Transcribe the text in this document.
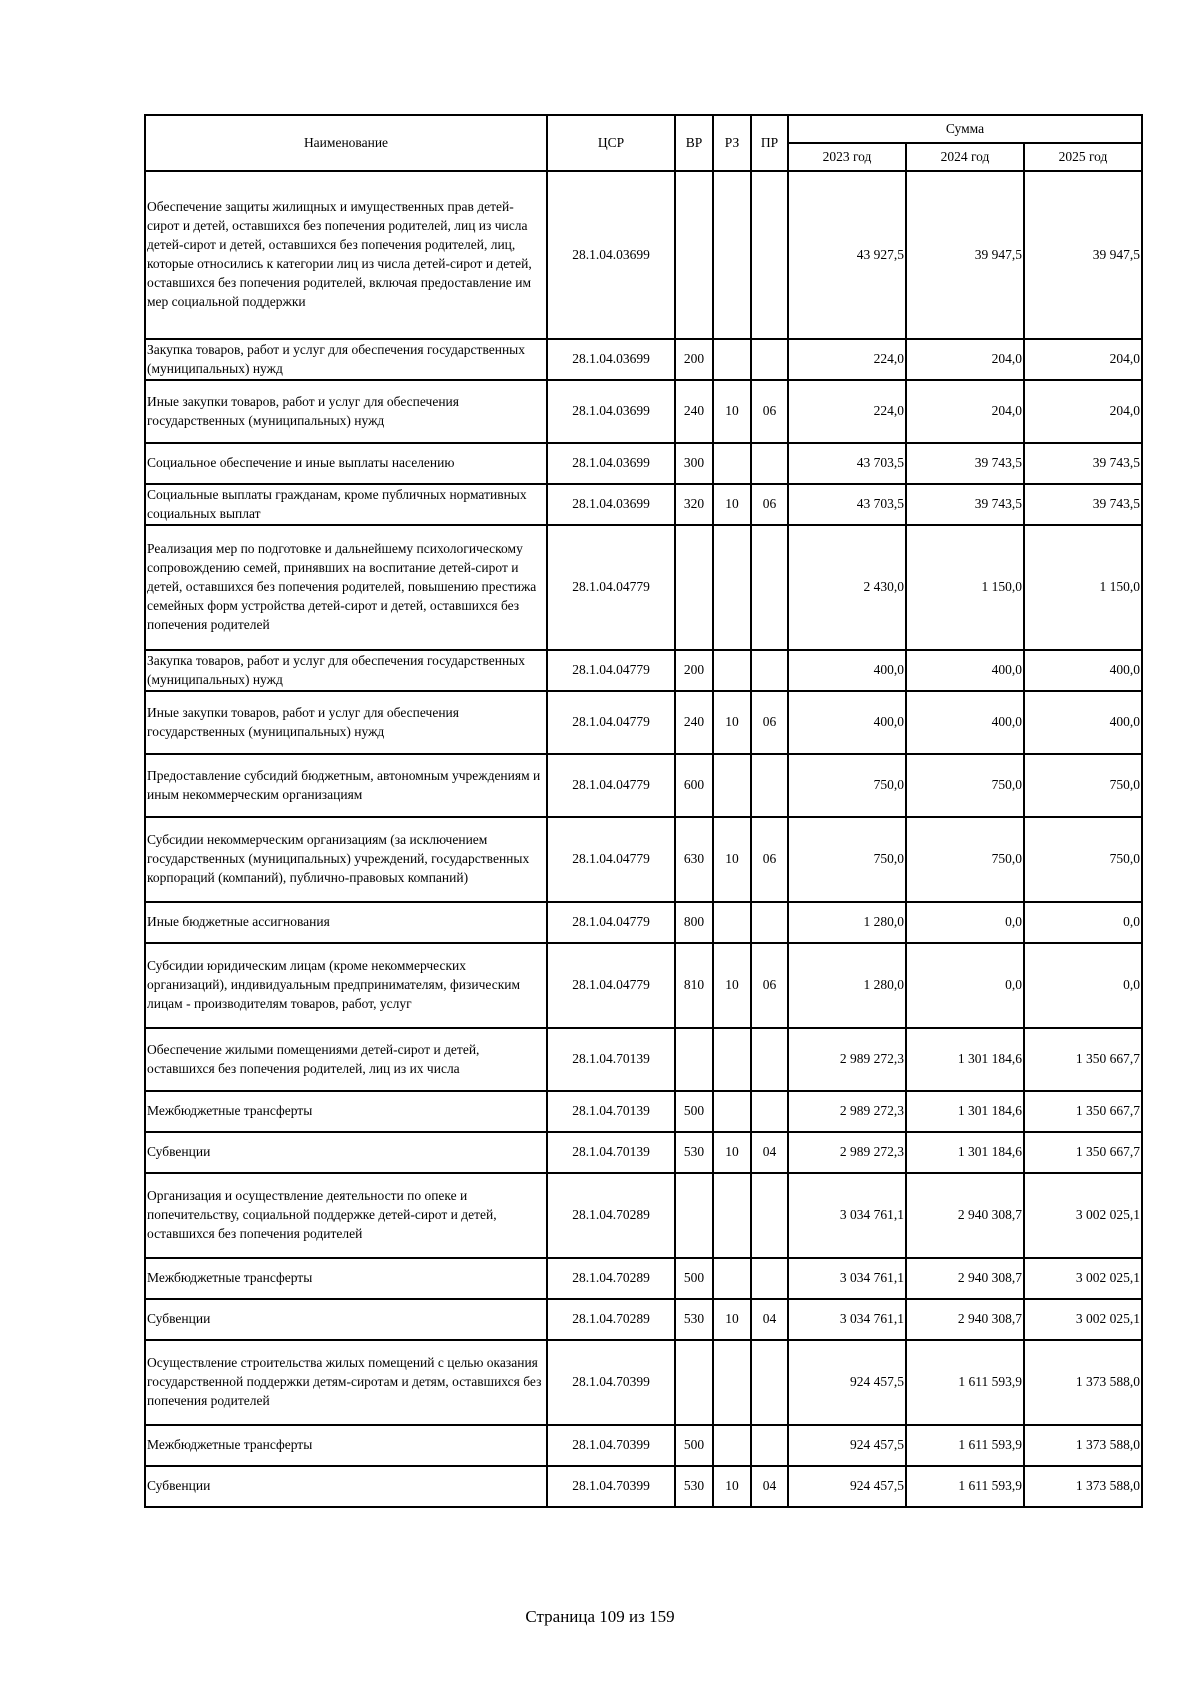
Наименование	ЦСР	ВР	РЗ	ПР	Сумма		
					2023 год	2024 год	2025 год
Обеспечение защиты жилищных и имущественных прав детей-сирот и детей, оставшихся без попечения родителей, лиц из числа детей-сирот и детей, оставшихся без попечения родителей, лиц, которые относились к категории лиц из числа детей-сирот и детей, оставшихся без попечения родителей, включая предоставление им мер социальной поддержки	28.1.04.03699				43 927,5	39 947,5	39 947,5
Закупка товаров, работ и услуг для обеспечения государственных (муниципальных) нужд	28.1.04.03699	200			224,0	204,0	204,0
Иные закупки товаров, работ и услуг для обеспечения государственных (муниципальных) нужд	28.1.04.03699	240	10	06	224,0	204,0	204,0
Социальное обеспечение и иные выплаты населению	28.1.04.03699	300			43 703,5	39 743,5	39 743,5
Социальные выплаты гражданам, кроме публичных нормативных социальных выплат	28.1.04.03699	320	10	06	43 703,5	39 743,5	39 743,5
Реализация мер по подготовке и дальнейшему психологическому сопровождению семей, принявших на воспитание детей-сирот и детей, оставшихся без попечения родителей, повышению престижа семейных форм устройства детей-сирот и детей, оставшихся без попечения родителей	28.1.04.04779				2 430,0	1 150,0	1 150,0
Закупка товаров, работ и услуг для обеспечения государственных (муниципальных) нужд	28.1.04.04779	200			400,0	400,0	400,0
Иные закупки товаров, работ и услуг для обеспечения государственных (муниципальных) нужд	28.1.04.04779	240	10	06	400,0	400,0	400,0
Предоставление субсидий бюджетным, автономным учреждениям и иным некоммерческим организациям	28.1.04.04779	600			750,0	750,0	750,0
Субсидии некоммерческим организациям (за исключением государственных (муниципальных) учреждений, государственных корпораций (компаний), публично-правовых компаний)	28.1.04.04779	630	10	06	750,0	750,0	750,0
Иные бюджетные ассигнования	28.1.04.04779	800			1 280,0	0,0	0,0
Субсидии юридическим лицам (кроме некоммерческих организаций), индивидуальным предпринимателям, физическим лицам - производителям товаров, работ, услуг	28.1.04.04779	810	10	06	1 280,0	0,0	0,0
Обеспечение жилыми помещениями детей-сирот и детей, оставшихся без попечения родителей, лиц из их числа	28.1.04.70139				2 989 272,3	1 301 184,6	1 350 667,7
Межбюджетные трансферты	28.1.04.70139	500			2 989 272,3	1 301 184,6	1 350 667,7
Субвенции	28.1.04.70139	530	10	04	2 989 272,3	1 301 184,6	1 350 667,7
Организация и осуществление деятельности по опеке и попечительству, социальной поддержке детей-сирот и детей, оставшихся без попечения родителей	28.1.04.70289				3 034 761,1	2 940 308,7	3 002 025,1
Межбюджетные трансферты	28.1.04.70289	500			3 034 761,1	2 940 308,7	3 002 025,1
Субвенции	28.1.04.70289	530	10	04	3 034 761,1	2 940 308,7	3 002 025,1
Осуществление строительства жилых помещений с целью оказания государственной поддержки детям-сиротам и детям, оставшихся без попечения родителей	28.1.04.70399				924 457,5	1 611 593,9	1 373 588,0
Межбюджетные трансферты	28.1.04.70399	500			924 457,5	1 611 593,9	1 373 588,0
Субвенции	28.1.04.70399	530	10	04	924 457,5	1 611 593,9	1 373 588,0
Страница 109 из 159
